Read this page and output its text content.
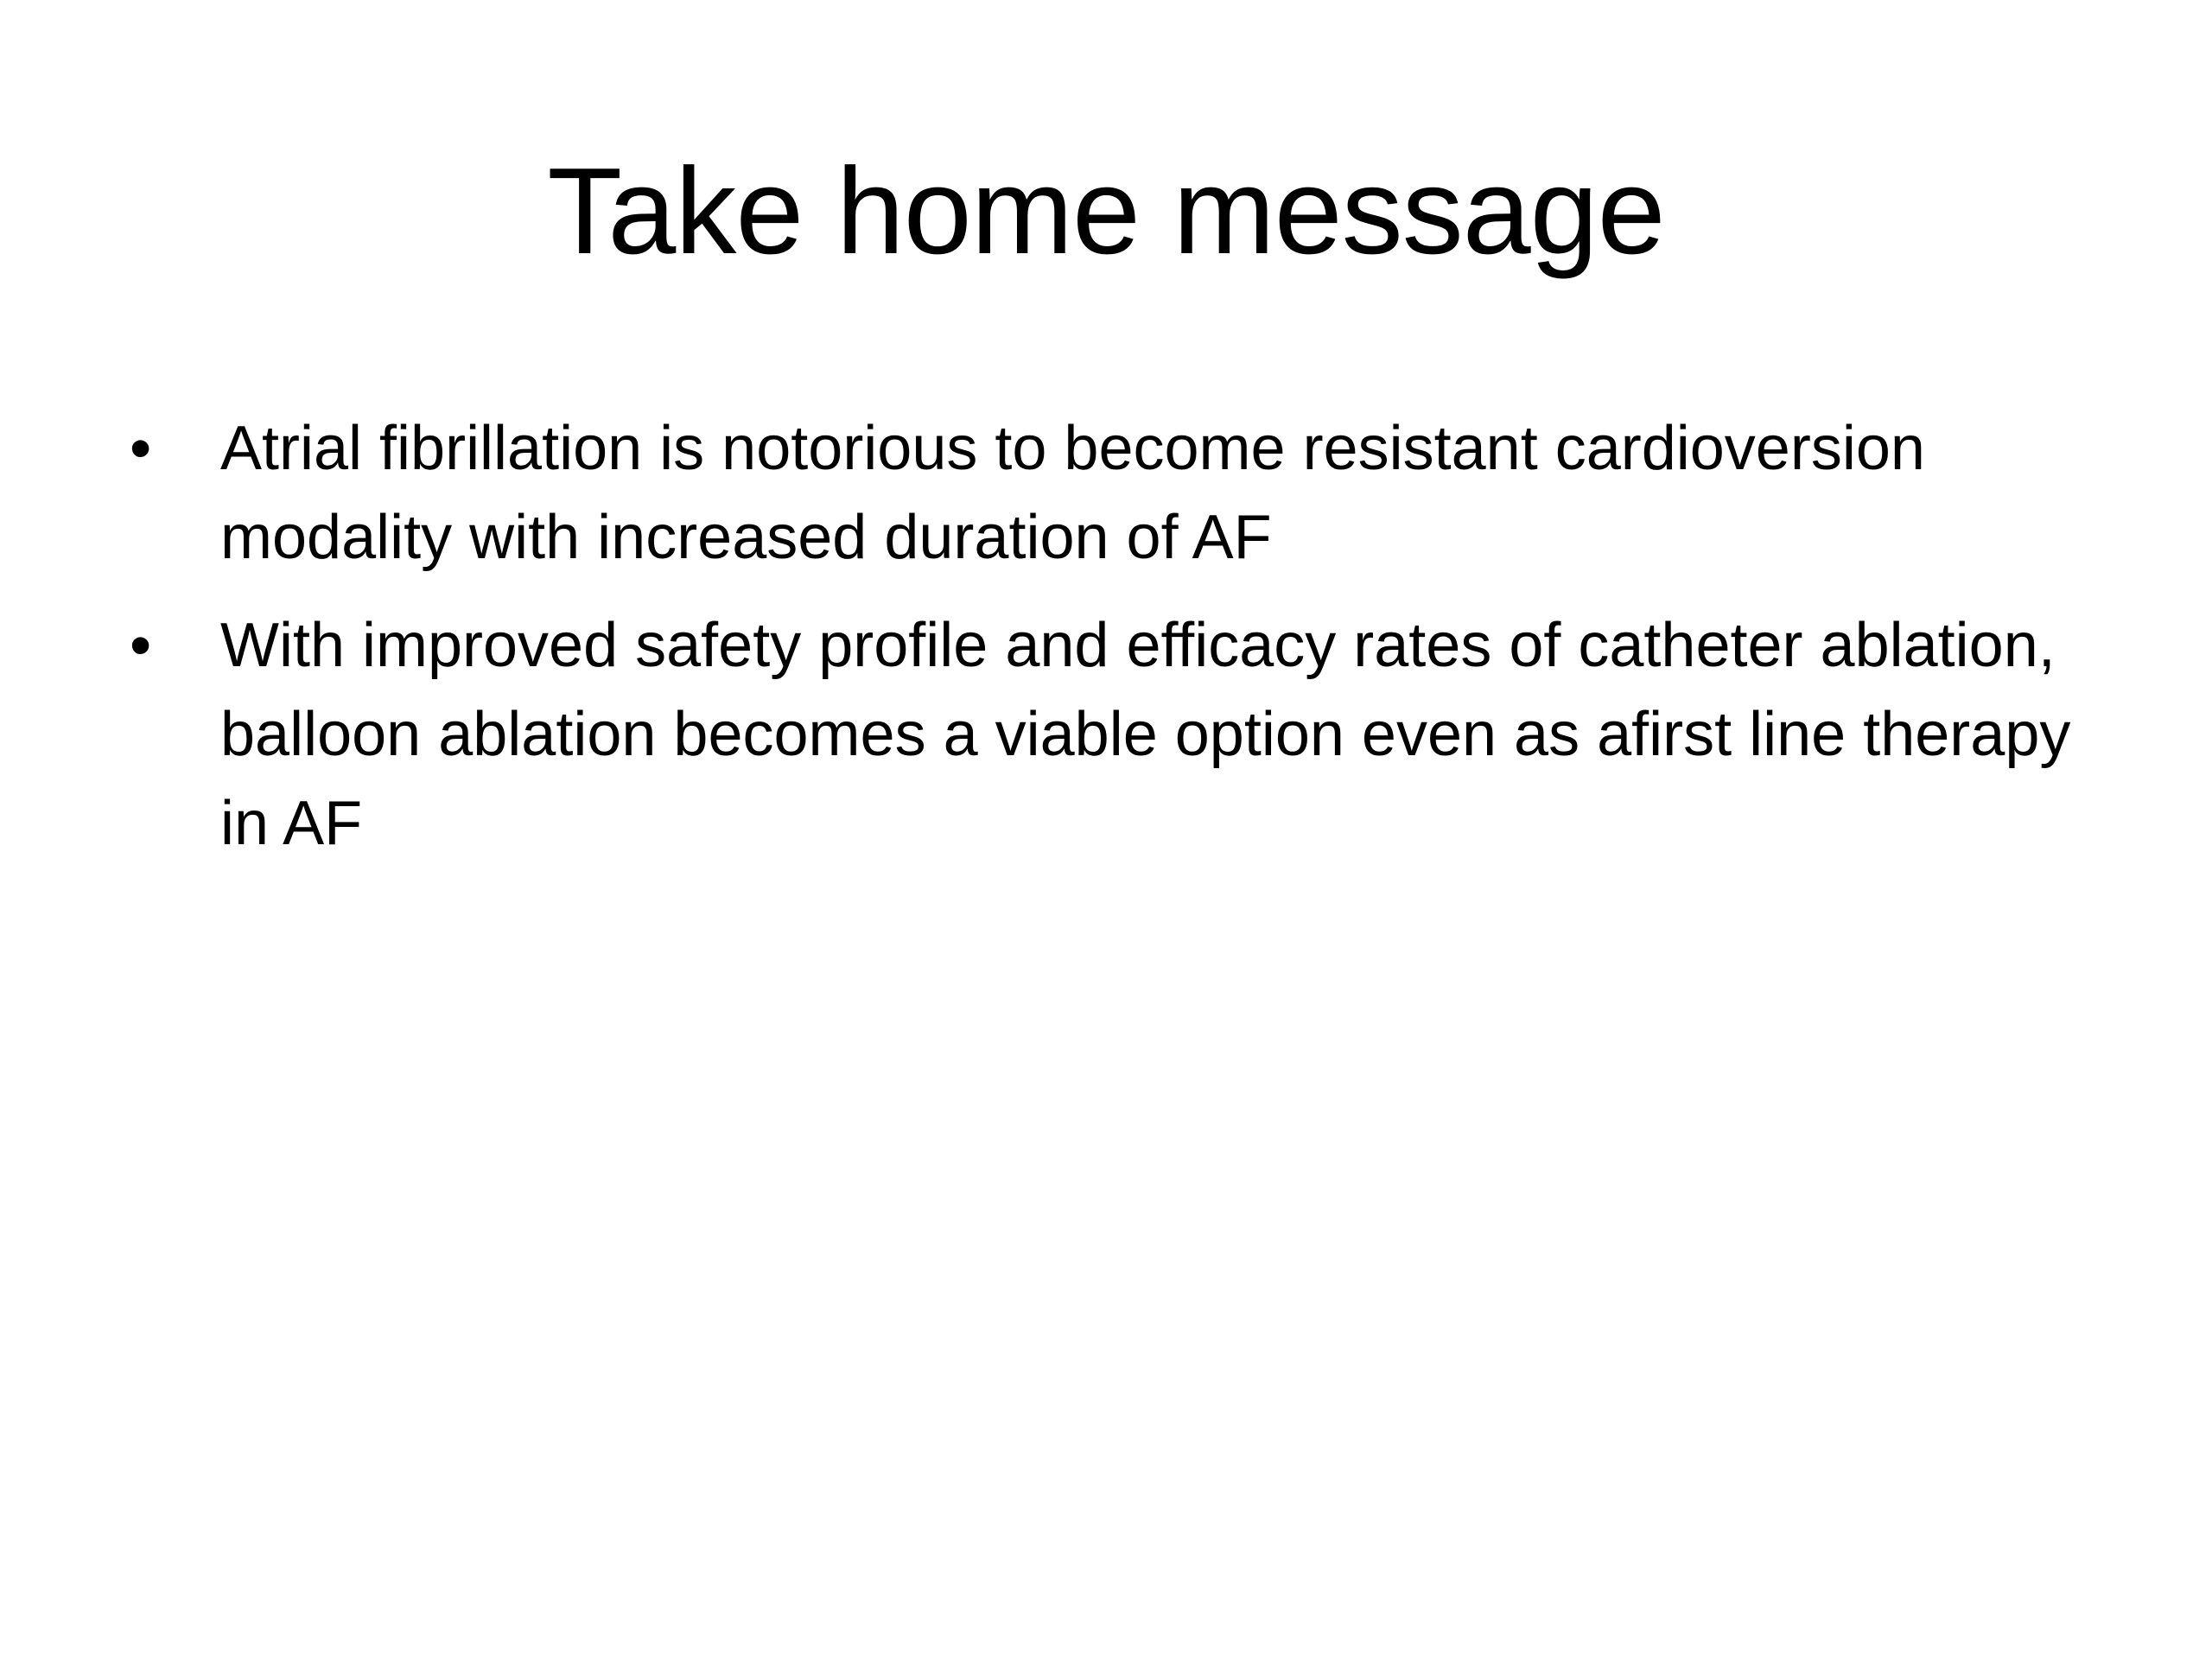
Take home message
•	Atrial fibrillation is notorious to become resistant cardioversion modality with increased duration of AF
•	With improved safety profile and efficacy rates of catheter ablation, balloon ablation becomes a viable option even as afirst line therapy in AF
